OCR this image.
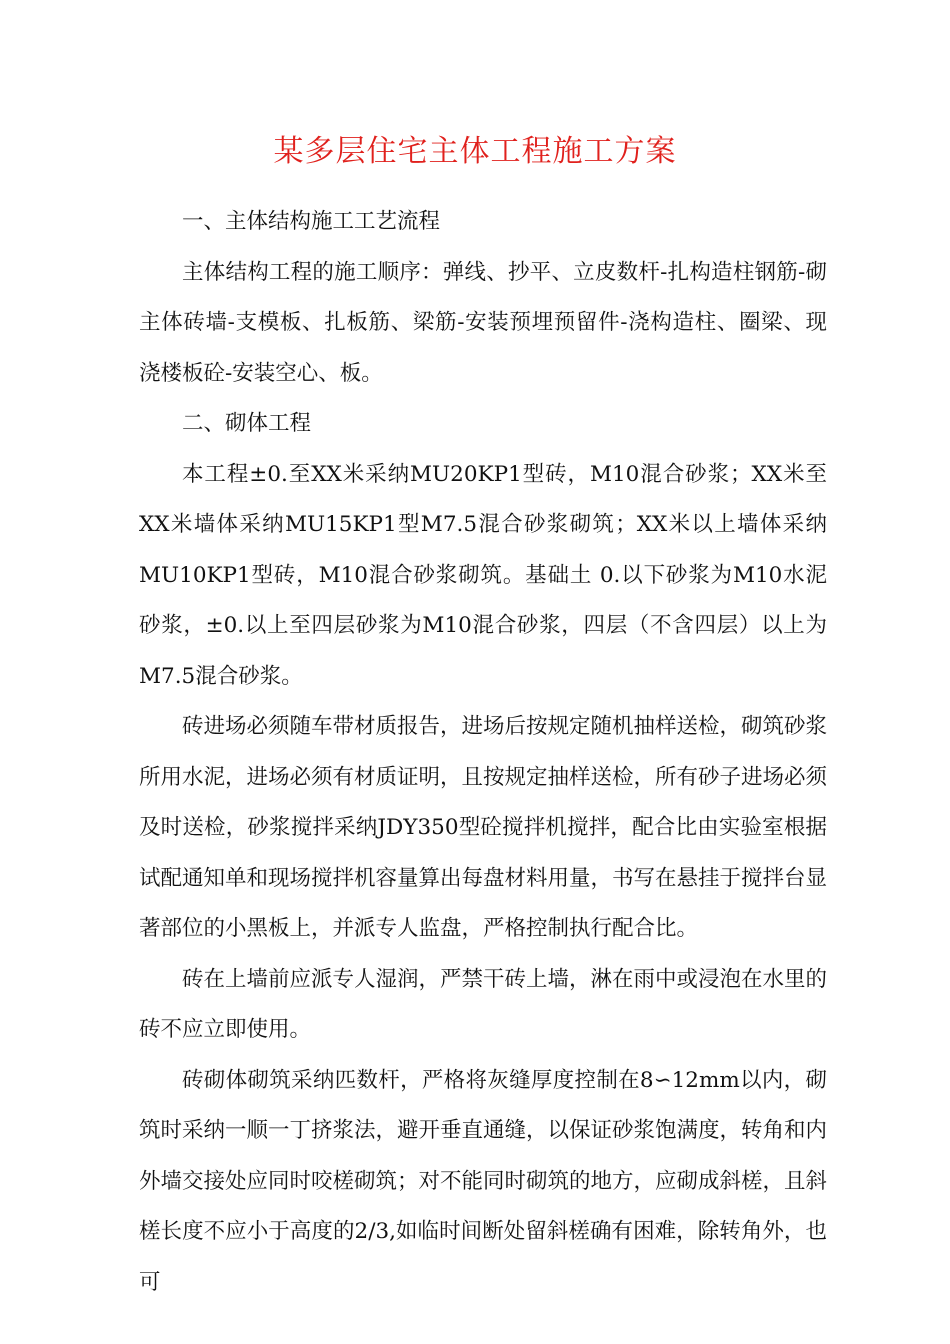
某多层住宅主体工程施工方案

一、主体结构施工工艺流程

主体结构工程的施工顺序：弹线、抄平、立皮数杆-扎构造柱钢筋-砌主体砖墙-支模板、扎板筋、梁筋-安装预埋预留件-浇构造柱、圈梁、现浇楼板砼-安装空心、板。

二、砌体工程

本工程±0.至XX米采纳MU20KP1型砖，M10混合砂浆；XX米至XX米墙体采纳MU15KP1型M7.5混合砂浆砌筑；XX米以上墙体采纳MU10KP1型砖，M10混合砂浆砌筑。基础土 0.以下砂浆为M10水泥砂浆，±0.以上至四层砂浆为M10混合砂浆，四层（不含四层）以上为M7.5混合砂浆。

砖进场必须随车带材质报告，进场后按规定随机抽样送检，砌筑砂浆所用水泥，进场必须有材质证明，且按规定抽样送检，所有砂子进场必须及时送检，砂浆搅拌采纳JDY350型砼搅拌机搅拌，配合比由实验室根据试配通知单和现场搅拌机容量算出每盘材料用量，书写在悬挂于搅拌台显著部位的小黑板上，并派专人监盘，严格控制执行配合比。

砖在上墙前应派专人湿润，严禁干砖上墙，淋在雨中或浸泡在水里的砖不应立即使用。

砖砌体砌筑采纳匹数杆，严格将灰缝厚度控制在8∽12mm以内，砌筑时采纳一顺一丁挤浆法，避开垂直通缝，以保证砂浆饱满度，转角和内外墙交接处应同时咬槎砌筑；对不能同时砌筑的地方，应砌成斜槎，且斜槎长度不应小于高度的2/3,如临时间断处留斜槎确有困难，除转角外，也可
